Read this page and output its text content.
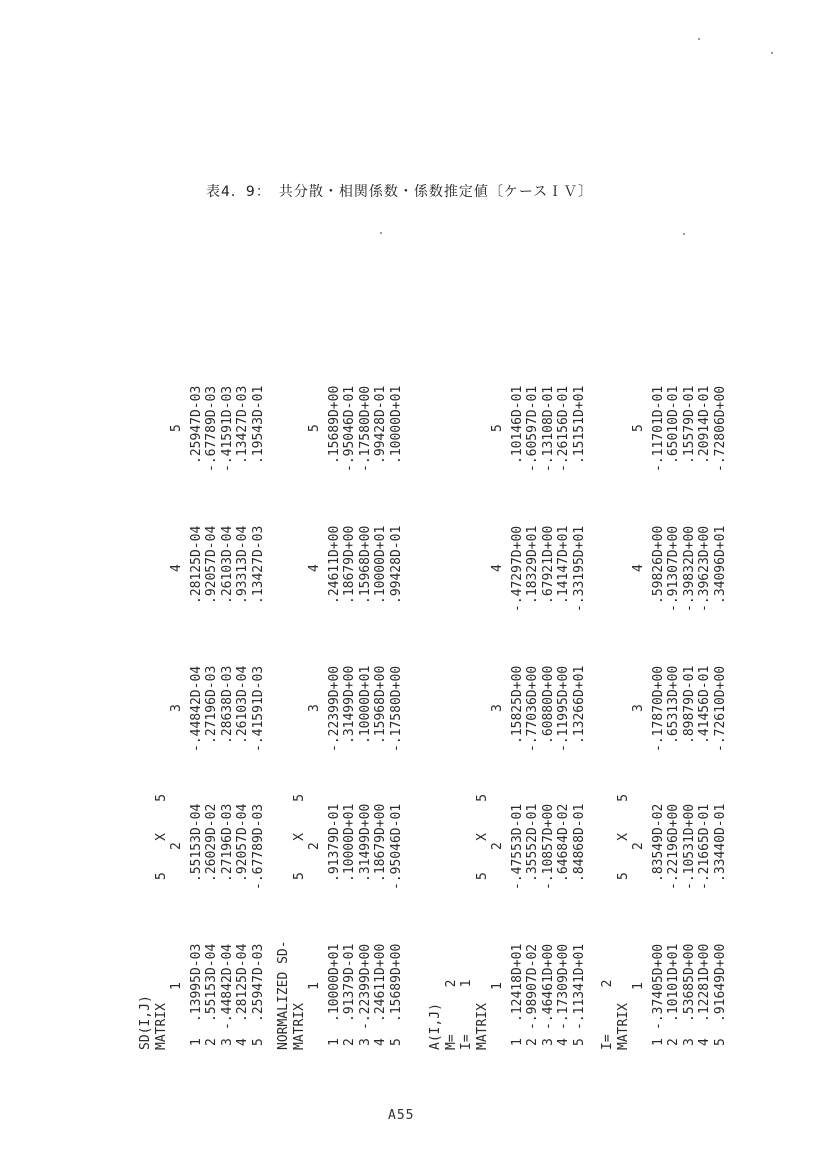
表4．9：　共分散・相関係数・係数推定値〔ケースＩＶ〕
SD(I,J) MATRIX
5    X    5
1
2
3
4
5
1
.13995D-03
.55153D-04
-.44842D-04
.28125D-04
.25947D-03
2
.55153D-04
.26029D-02
.27196D-03
.92057D-04
-.67789D-03
3
-.44842D-04
.27196D-03
.28638D-03
.26103D-04
-.41591D-03
4
.28125D-04
.92057D-04
.26103D-04
.93313D-04
.13427D-03
5
.25947D-03
-.67789D-03
-.41591D-03
.13427D-03
.19543D-01
NORMALIZED SD- MATRIX
5    X    5
1
2
3
4
5
1
.10000D+01
.91379D-01
-.22399D+00
.24611D+00
.15689D+00
2
.91379D-01
.10000D+01
.31499D+00
.18679D+00
-.95046D-01
3
-.22399D+00
.31499D+00
.10000D+01
.15968D+00
-.17580D+00
4
.24611D+00
.18679D+00
.15968D+00
.10000D+01
.99428D-01
5
.15689D+00
-.95046D-01
-.17580D+00
.99428D-01
.10000D+01
A(I,J) M=      2 I=      1 MATRIX
5    X    5
1
2
3
4
5
1
.12418D+01
-.47553D-01
.15825D+00
-.47297D+00
.10146D-01
2
-.98907D-02
.35552D-01
-.77036D+00
.18329D+01
-.60597D-01
3
-.46461D+00
-.10857D+00
.60880D+00
.67921D+00
-.13108D-01
4
-.17309D+00
.64684D-02
-.11995D+00
.14147D+01
-.26156D-01
5
-.11341D+01
.84868D-01
.13266D+01
-.33195D+01
.15151D+01
I=      2 MATRIX
5    X    5
1
2
3
4
5
1
-.37405D+00
.83549D-02
-.17870D+00
.59826D+00
-.11701D-01
2
.10101D+01
-.22196D+00
.65313D+00
-.91307D+00
.65010D-01
3
.53685D+00
-.10531D+00
.89879D-01
-.39832D+00
.15579D-01
4
.12281D+00
-.21665D-01
.41456D-01
-.39623D+00
.20914D-01
5
.91649D+00
.33440D-01
-.72610D+00
.34096D+01
-.72806D+00
A55
